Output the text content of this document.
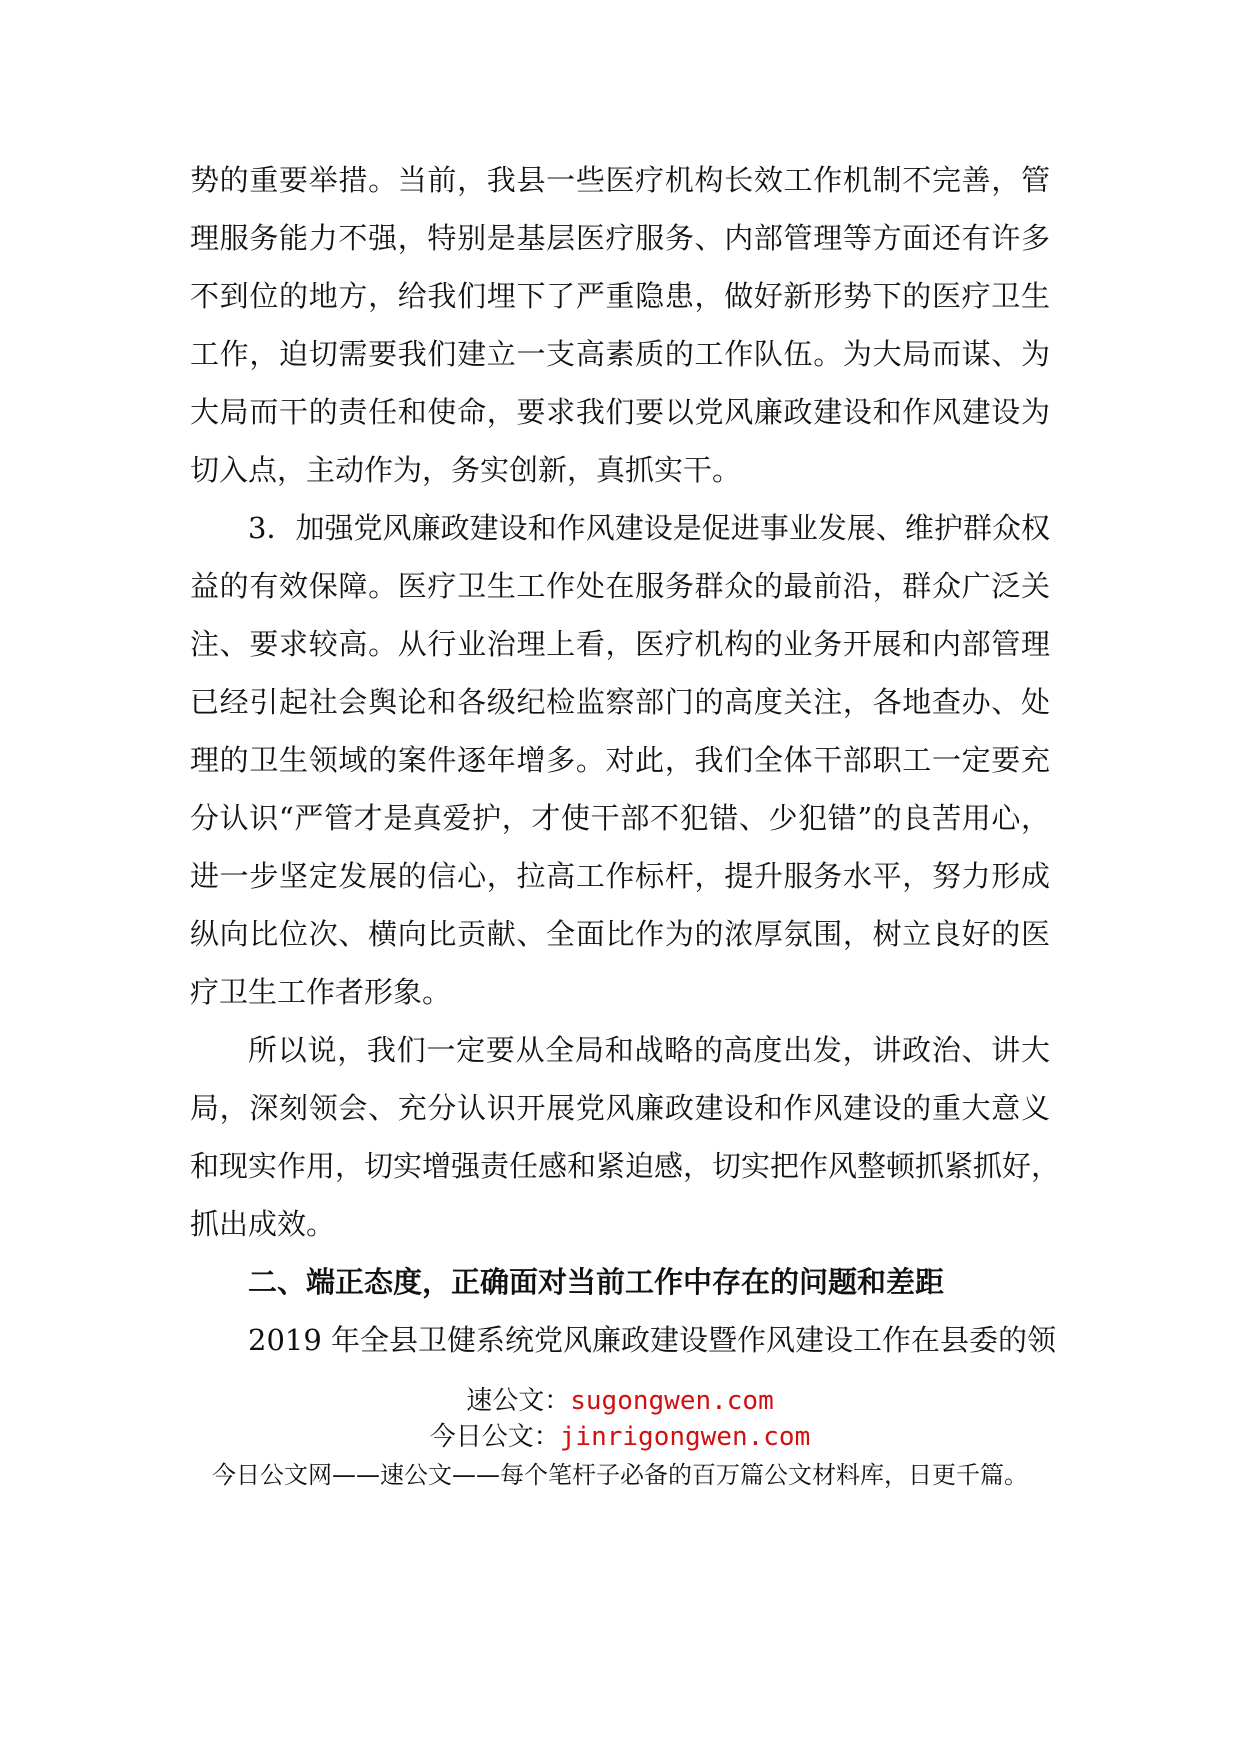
势的重要举措。当前，我县一些医疗机构长效工作机制不完善，管
理服务能力不强，特别是基层医疗服务、内部管理等方面还有许多
不到位的地方，给我们埋下了严重隐患，做好新形势下的医疗卫生
工作，迫切需要我们建立一支高素质的工作队伍。为大局而谋、为
大局而干的责任和使命，要求我们要以党风廉政建设和作风建设为
切入点，主动作为，务实创新，真抓实干。
3．加强党风廉政建设和作风建设是促进事业发展、维护群众权
益的有效保障。医疗卫生工作处在服务群众的最前沿，群众广泛关
注、要求较高。从行业治理上看，医疗机构的业务开展和内部管理
已经引起社会舆论和各级纪检监察部门的高度关注，各地查办、处
理的卫生领域的案件逐年增多。对此，我们全体干部职工一定要充
分认识“严管才是真爱护，才使干部不犯错、少犯错”的良苦用心，
进一步坚定发展的信心，拉高工作标杆，提升服务水平，努力形成
纵向比位次、横向比贡献、全面比作为的浓厚氛围，树立良好的医
疗卫生工作者形象。
所以说，我们一定要从全局和战略的高度出发，讲政治、讲大
局，深刻领会、充分认识开展党风廉政建设和作风建设的重大意义
和现实作用，切实增强责任感和紧迫感，切实把作风整顿抓紧抓好，
抓出成效。
二、端正态度，正确面对当前工作中存在的问题和差距
2019 年全县卫健系统党风廉政建设暨作风建设工作在县委的领
速公文：sugongwen.com
今日公文：jinrigongwen.com
今日公文网——速公文——每个笔杆子必备的百万篇公文材料库，日更千篇。
